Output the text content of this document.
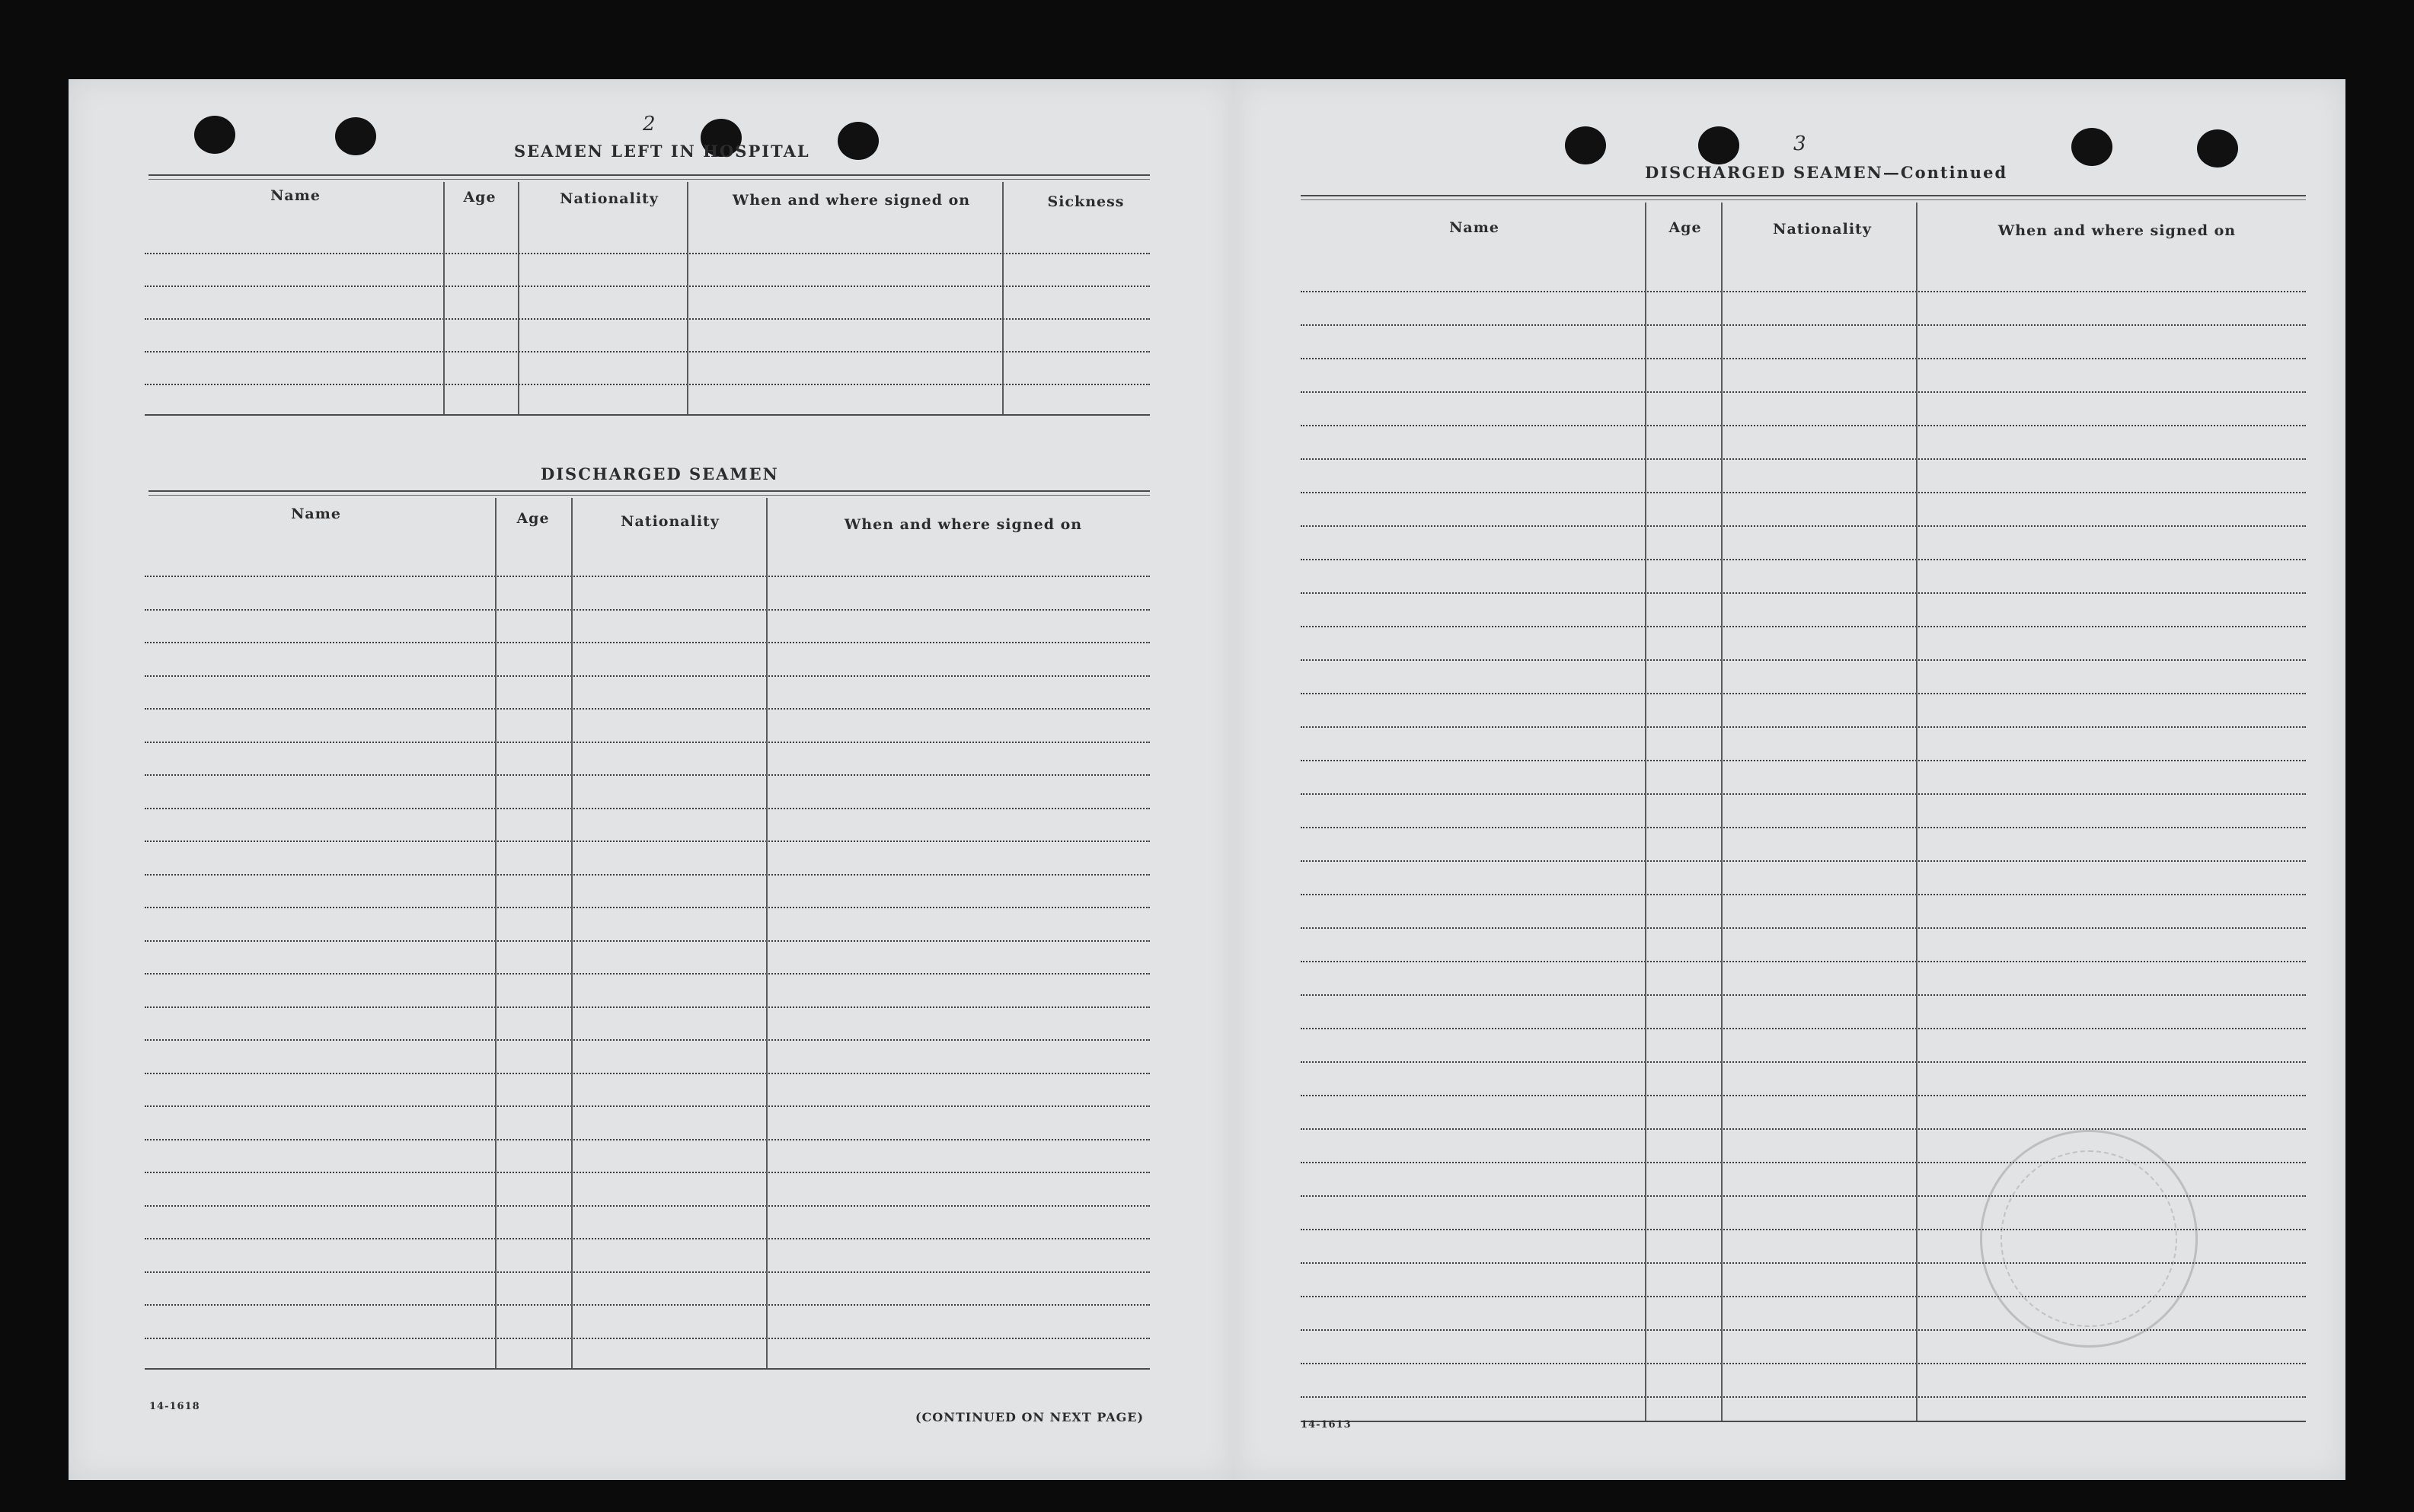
2
SEAMEN LEFT IN HOSPITAL
Name	Age	Nationality	When and where signed on	Sickness
DISCHARGED SEAMEN
Name	Age	Nationality	When and where signed on
14-1618
(CONTINUED ON NEXT PAGE)
3
DISCHARGED SEAMEN—Continued
Name	Age	Nationality	When and where signed on
14-1613
